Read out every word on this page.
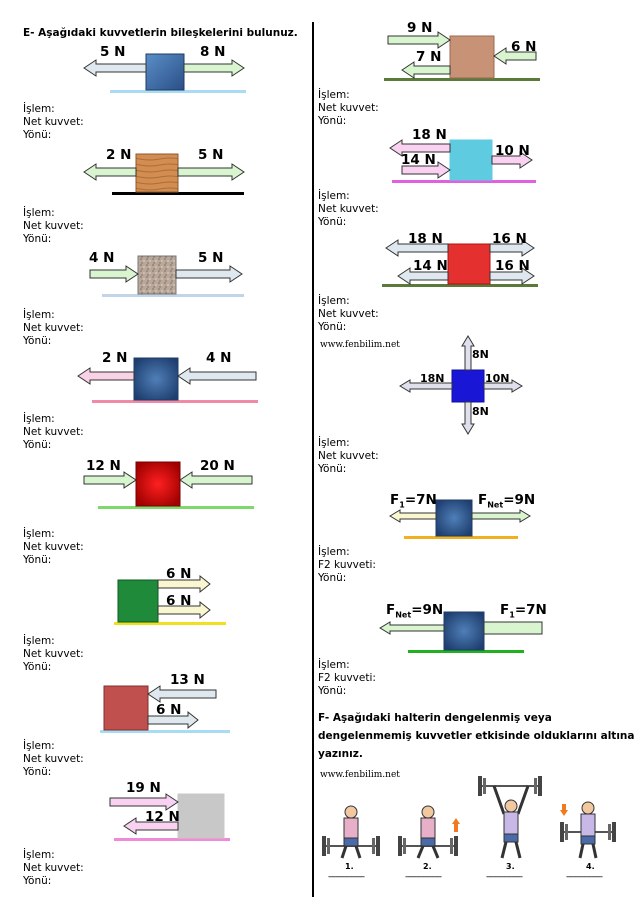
E- Aşağıdaki kuvvetlerin bileşkelerini bulunuz.
5 N	8 N
İşlem:
Net kuvvet:
Yönü:
2 N	5 N
İşlem:
Net kuvvet:
Yönü:
4 N	5 N
İşlem:
Net kuvvet:
Yönü:
2 N	4 N
İşlem:
Net kuvvet:
Yönü:
12 N	20 N
İşlem:
Net kuvvet:
Yönü:
6 N
6 N
İşlem:
Net kuvvet:
Yönü:
13 N
6 N
İşlem:
Net kuvvet:
Yönü:
19 N
12 N
İşlem:
Net kuvvet:
Yönü:
9 N
7 N
6 N
İşlem:
Net kuvvet:
Yönü:
18 N
14 N
10 N
İşlem:
Net kuvvet:
Yönü:
18 N	16 N
14 N	16 N
İşlem:
Net kuvvet:
Yönü:
www.fenbilim.net
8N
8N
18N	10N
İşlem:
Net kuvvet:
Yönü:
$F_1=7N$	$F_{Net}=9N$
İşlem:
F2 kuvveti:
Yönü:
$F_{Net}=9N$	$F_1=7N$
İşlem:
F2 kuvveti:
Yönü:
F- Aşağıdaki halterin dengelenmiş veya
dengelenmemiş kuvvetler etkisinde olduklarını altına
yazınız.
www.fenbilim.net
1.	2.	3.	4.
----------------	----------------	----------------	----------------
